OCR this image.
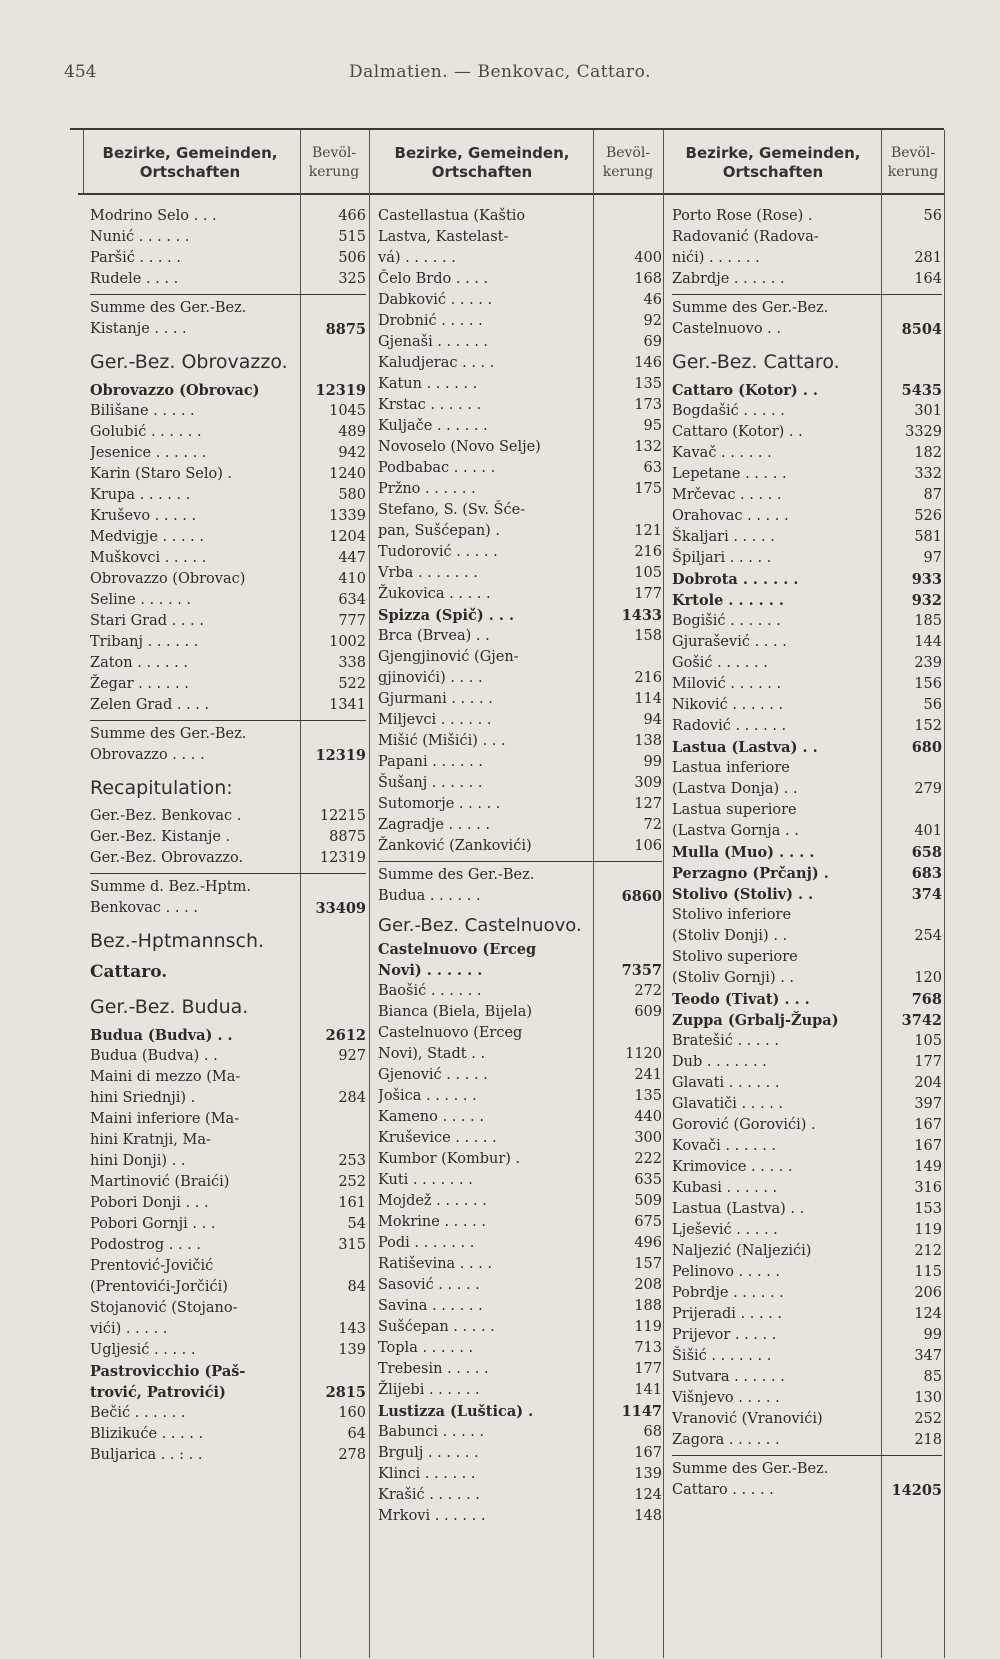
454	Dalmatien. — Benkovac, Cattaro.
Bezirke, Gemeinden, Ortschaften
Bevöl-kerung
Bezirke, Gemeinden, Ortschaften
Bevöl-kerung
Bezirke, Gemeinden, Ortschaften
Bevöl-kerung
Modrino Selo . . .	466
Nunić . . . . . .	515
Paršić . . . . .	506
Rudele . . . .	325
Summe des Ger.-Bez.
Kistanje . . . .	8875
Ger.-Bez. Obrovazzo.
Obrovazzo (Obrovac)	12319
Bilišane . . . . .	1045
Golubić . . . . . .	489
Jesenice . . . . . .	942
Karin (Staro Selo) .	1240
Krupa . . . . . .	580
Kruševo . . . . .	1339
Medvigje . . . . .	1204
Muškovci . . . . .	447
Obrovazzo (Obrovac)	410
Seline . . . . . .	634
Stari Grad . . . .	777
Tribanj . . . . . .	1002
Zaton . . . . . .	338
Žegar . . . . . .	522
Zelen Grad . . . .	1341
Summe des Ger.-Bez.
Obrovazzo . . . .	12319
Recapitulation:
Ger.-Bez. Benkovac .	12215
Ger.-Bez. Kistanje .	8875
Ger.-Bez. Obrovazzo.	12319
Summe d. Bez.-Hptm.
Benkovac . . . .	33409
Bez.-Hptmannsch.
Cattaro.
Ger.-Bez. Budua.
Budua (Budva) . .	2612
Budua (Budva) . .	927
Maini di mezzo (Ma-
hini Sriednji) .	284
Maini inferiore (Ma-
hini Kratnji, Ma-
hini Donji) . .	253
Martinović (Braići)	252
Pobori Donji . . .	161
Pobori Gornji . . .	54
Podostrog . . . .	315
Prentović-Jovičić
(Prentovići-Jorčići)	84
Stojanović (Stojano-
vići) . . . . .	143
Ugljesić . . . . .	139
Pastrovicchio (Paš-
trović, Patrovići)	2815
Bečić . . . . . .	160
Blizikuće . . . . .	64
Buljarica . . : . .	278
Castellastua (Kaštio
Lastva, Kastelast-
vá) . . . . . .	400
Čelo Brdo . . . .	168
Dabković . . . . .	46
Drobnić . . . . .	92
Gjenaši . . . . . .	69
Kaludjerac . . . .	146
Katun . . . . . .	135
Krstac . . . . . .	173
Kuljače . . . . . .	95
Novoselo (Novo Selje)	132
Podbabac . . . . .	63
Pržno . . . . . .	175
Stefano, S. (Sv. Šće-
pan, Sušćepan) .	121
Tudorović . . . . .	216
Vrba . . . . . . .	105
Žukovica . . . . .	177
Spizza (Spič) . . .	1433
Brca (Brvea) . .	158
Gjengjinović (Gjen-
gjinovići) . . . .	216
Gjurmani . . . . .	114
Miljevci . . . . . .	94
Mišić (Mišići) . . .	138
Papani . . . . . .	99
Šušanj . . . . . .	309
Sutomorje . . . . .	127
Zagradje . . . . .	72
Žanković (Zankovići)	106
Summe des Ger.-Bez.
Budua . . . . . .	6860
Ger.-Bez. Castelnuovo.
Castelnuovo (Erceg
Novi) . . . . . .	7357
Baošić . . . . . .	272
Bianca (Biela, Bijela)	609
Castelnuovo (Erceg
Novi), Stadt . .	1120
Gjenović . . . . .	241
Jošica . . . . . .	135
Kameno . . . . .	440
Kruševice . . . . .	300
Kumbor (Kombur) .	222
Kuti . . . . . . .	635
Mojdež . . . . . .	509
Mokrine . . . . .	675
Podi . . . . . . .	496
Ratiševina . . . .	157
Sasović . . . . .	208
Savina . . . . . .	188
Sušćepan . . . . .	119
Topla . . . . . .	713
Trebesin . . . . .	177
Žlijebi . . . . . .	141
Lustizza (Luštica) .	1147
Babunci . . . . .	68
Brgulj . . . . . .	167
Klinci . . . . . .	139
Krašić . . . . . .	124
Mrkovi . . . . . .	148
Porto Rose (Rose) .	56
Radovanić (Radova-
nići) . . . . . .	281
Zabrdje . . . . . .	164
Summe des Ger.-Bez.
Castelnuovo . .	8504
Ger.-Bez. Cattaro.
Cattaro (Kotor) . .	5435
Bogdašić . . . . .	301
Cattaro (Kotor) . .	3329
Kavač . . . . . .	182
Lepetane . . . . .	332
Mrčevac . . . . .	87
Orahovac . . . . .	526
Škaljari . . . . .	581
Špiljari . . . . .	97
Dobrota . . . . . .	933
Krtole . . . . . .	932
Bogišić . . . . . .	185
Gjurašević . . . .	144
Gošić . . . . . .	239
Milović . . . . . .	156
Niković . . . . . .	56
Radović . . . . . .	152
Lastua (Lastva) . .	680
Lastua inferiore
(Lastva Donja) . .	279
Lastua superiore
(Lastva Gornja . .	401
Mulla (Muo) . . . .	658
Perzagno (Prčanj) .	683
Stolivo (Stoliv) . .	374
Stolivo inferiore
(Stoliv Donji) . .	254
Stolivo superiore
(Stoliv Gornji) . .	120
Teodo (Tivat) . . .	768
Zuppa (Grbalj-Župa)	3742
Bratešić . . . . .	105
Dub . . . . . . .	177
Glavati . . . . . .	204
Glavatiči . . . . .	397
Gorović (Gorovići) .	167
Kovači . . . . . .	167
Krimovice . . . . .	149
Kubasi . . . . . .	316
Lastua (Lastva) . .	153
Lješević . . . . .	119
Naljezić (Naljezići)	212
Pelinovo . . . . .	115
Pobrdje . . . . . .	206
Prijeradi . . . . .	124
Prijevor . . . . .	99
Šišić . . . . . . .	347
Sutvara . . . . . .	85
Višnjevo . . . . .	130
Vranović (Vranovići)	252
Zagora . . . . . .	218
Summe des Ger.-Bez.
Cattaro . . . . .	14205
